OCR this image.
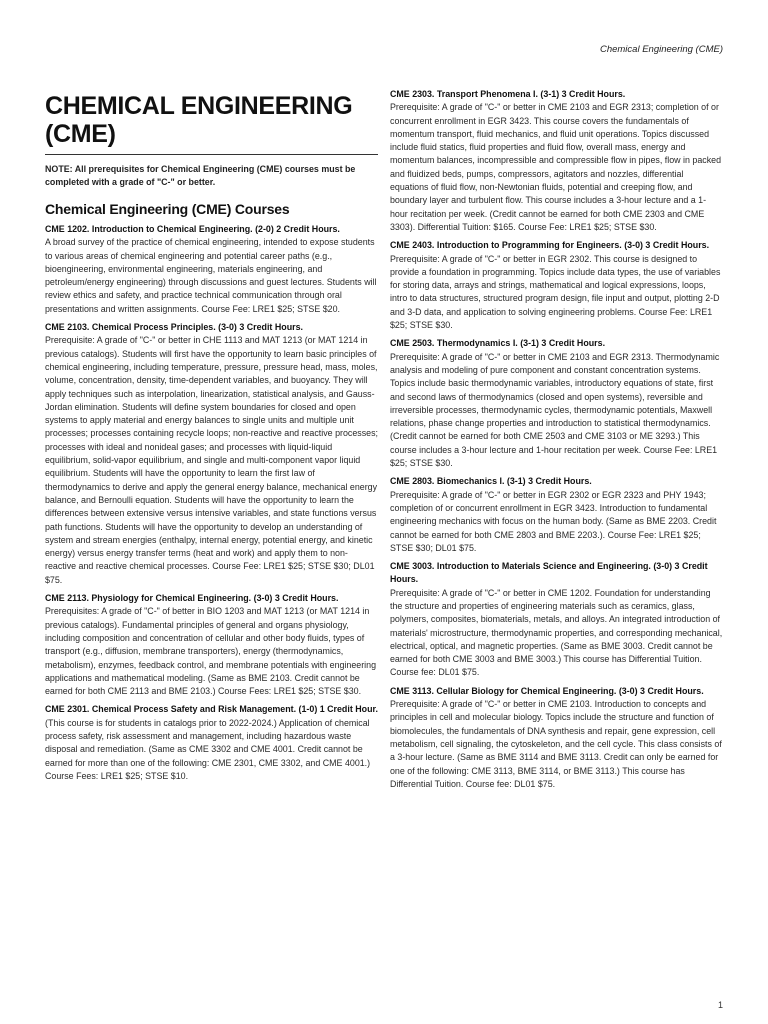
Chemical Engineering (CME)
CHEMICAL ENGINEERING (CME)

NOTE: All prerequisites for Chemical Engineering (CME) courses must be completed with a grade of "C-" or better.

Chemical Engineering (CME) Courses
CME 1202. Introduction to Chemical Engineering. (2-0) 2 Credit Hours.
A broad survey of the practice of chemical engineering, intended to expose students to various areas of chemical engineering and potential career paths (e.g., bioengineering, environmental engineering, materials engineering, and petroleum/energy engineering) through discussions and guest lectures. Students will review ethics and safety, and practice technical communication through oral presentations and written assignments. Course Fee: LRE1 $25; STSE $20.
CME 2103. Chemical Process Principles. (3-0) 3 Credit Hours.
Prerequisite: A grade of "C-" or better in CHE 1113 and MAT 1213 (or MAT 1214 in previous catalogs). Students will first have the opportunity to learn basic principles of chemical engineering, including temperature, pressure, pressure head, mass, moles, volume, concentration, density, time-dependent variables, and buoyancy. They will apply techniques such as interpolation, linearization, statistical analysis, and Gauss-Jordan elimination. Students will define system boundaries for closed and open systems to apply material and energy balances to single units and multiple unit processes; processes containing recycle loops; non-reactive and reactive processes; processes with ideal and nonideal gases; and processes with liquid-liquid equilibrium, solid-vapor equilibrium, and single and multi-component vapor liquid equilibrium. Students will have the opportunity to learn the first law of thermodynamics to derive and apply the general energy balance, mechanical energy balance, and Bernoulli equation. Students will have the opportunity to learn the differences between extensive versus intensive variables, and state functions versus path functions. Students will have the opportunity to develop an understanding of system and stream energies (enthalpy, internal energy, potential energy, and kinetic energy) versus energy transfer terms (heat and work) and apply them to non-reactive and reactive chemical processes. Course Fee: LRE1 $25; STSE $30; DL01 $75.
CME 2113. Physiology for Chemical Engineering. (3-0) 3 Credit Hours.
Prerequisites: A grade of "C-" of better in BIO 1203 and MAT 1213 (or MAT 1214 in previous catalogs). Fundamental principles of general and organs physiology, including composition and concentration of cellular and other body fluids, types of transport (e.g., diffusion, membrane transporters), energy (thermodynamics, metabolism), enzymes, feedback control, and membrane potentials with engineering applications and mathematical modeling. (Same as BME 2103. Credit cannot be earned for both CME 2113 and BME 2103.) Course Fees: LRE1 $25; STSE $30.
CME 2301. Chemical Process Safety and Risk Management. (1-0) 1 Credit Hour.
(This course is for students in catalogs prior to 2022-2024.) Application of chemical process safety, risk assessment and management, including hazardous waste disposal and remediation. (Same as CME 3302 and CME 4001. Credit cannot be earned for more than one of the following: CME 2301, CME 3302, and CME 4001.) Course Fees: LRE1 $25; STSE $10.
CME 2303. Transport Phenomena I. (3-1) 3 Credit Hours.
Prerequisite: A grade of "C-" or better in CME 2103 and EGR 2313; completion of or concurrent enrollment in EGR 3423. This course covers the fundamentals of momentum transport, fluid mechanics, and fluid unit operations. Topics discussed include fluid statics, fluid properties and fluid flow, overall mass, energy and momentum balances, incompressible and compressible flow in pipes, flow in packed and fluidized beds, pumps, compressors, agitators and nozzles, differential equations of fluid flow, non-Newtonian fluids, potential and creeping flow, and boundary layer and turbulent flow. This course includes a 3-hour lecture and a 1-hour recitation per week. (Credit cannot be earned for both CME 2303 and CME 3303). Differential Tuition: $165. Course Fee: LRE1 $25; STSE $30.
CME 2403. Introduction to Programming for Engineers. (3-0) 3 Credit Hours.
Prerequisite: A grade of "C-" or better in EGR 2302. This course is designed to provide a foundation in programming. Topics include data types, the use of variables for storing data, arrays and strings, mathematical and logical expressions, loops, intro to data structures, structured program design, file input and output, plotting 2-D and 3-D data, and application to solving engineering problems. Course Fee: LRE1 $25; STSE $30.
CME 2503. Thermodynamics I. (3-1) 3 Credit Hours.
Prerequisite: A grade of "C-" or better in CME 2103 and EGR 2313. Thermodynamic analysis and modeling of pure component and constant concentration systems. Topics include basic thermodynamic variables, introductory equations of state, first and second laws of thermodynamics (closed and open systems), reversible and irreversible processes, thermodynamic cycles, thermodynamic potentials, Maxwell relations, phase change properties and introduction to statistical thermodynamics. (Credit cannot be earned for both CME 2503 and CME 3103 or ME 3293.) This course includes a 3-hour lecture and 1-hour recitation per week. Course Fee: LRE1 $25; STSE $30.
CME 2803. Biomechanics I. (3-1) 3 Credit Hours.
Prerequisite: A grade of "C-" or better in EGR 2302 or EGR 2323 and PHY 1943; completion of or concurrent enrollment in EGR 3423. Introduction to fundamental engineering mechanics with focus on the human body. (Same as BME 2203. Credit cannot be earned for both CME 2803 and BME 2203.). Course Fee: LRE1 $25; STSE $30; DL01 $75.
CME 3003. Introduction to Materials Science and Engineering. (3-0) 3 Credit Hours.
Prerequisite: A grade of "C-" or better in CME 1202. Foundation for understanding the structure and properties of engineering materials such as ceramics, glass, polymers, composites, biomaterials, metals, and alloys. An integrated introduction of materials' microstructure, thermodynamic properties, and corresponding mechanical, electrical, optical, and magnetic properties. (Same as BME 3003. Credit cannot be earned for both CME 3003 and BME 3003.) This course has Differential Tuition. Course fee: DL01 $75.
CME 3113. Cellular Biology for Chemical Engineering. (3-0) 3 Credit Hours.
Prerequisite: A grade of "C-" or better in CME 2103. Introduction to concepts and principles in cell and molecular biology. Topics include the structure and function of biomolecules, the fundamentals of DNA synthesis and repair, gene expression, cell metabolism, cell signaling, the cytoskeleton, and the cell cycle. This class consists of a 3-hour lecture. (Same as BME 3114 and BME 3113. Credit can only be earned for one of the following: CME 3113, BME 3114, or BME 3113.) This course has Differential Tuition. Course fee: DL01 $75.
1
